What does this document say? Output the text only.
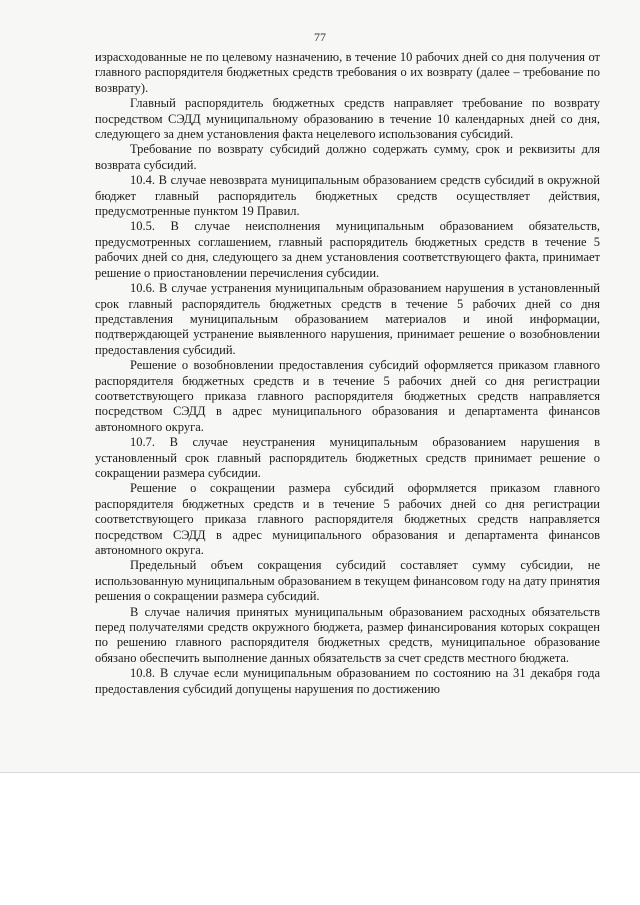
77

израсходованные не по целевому назначению, в течение 10 рабочих дней со дня получения от главного распорядителя бюджетных средств требования о их возврату (далее – требование по возврату).

Главный распорядитель бюджетных средств направляет требование по возврату посредством СЭДД муниципальному образованию в течение 10 календарных дней со дня, следующего за днем установления факта нецелевого использования субсидий.

Требование по возврату субсидий должно содержать сумму, срок и реквизиты для возврата субсидий.

10.4. В случае невозврата муниципальным образованием средств субсидий в окружной бюджет главный распорядитель бюджетных средств осуществляет действия, предусмотренные пунктом 19 Правил.

10.5. В случае неисполнения муниципальным образованием обязательств, предусмотренных соглашением, главный распорядитель бюджетных средств в течение 5 рабочих дней со дня, следующего за днем установления соответствующего факта, принимает решение о приостановлении перечисления субсидии.

10.6. В случае устранения муниципальным образованием нарушения в установленный срок главный распорядитель бюджетных средств в течение 5 рабочих дней со дня представления муниципальным образованием материалов и иной информации, подтверждающей устранение выявленного нарушения, принимает решение о возобновлении предоставления субсидий.

Решение о возобновлении предоставления субсидий оформляется приказом главного распорядителя бюджетных средств и в течение 5 рабочих дней со дня регистрации соответствующего приказа главного распорядителя бюджетных средств направляется посредством СЭДД в адрес муниципального образования и департамента финансов автономного округа.

10.7. В случае неустранения муниципальным образованием нарушения в установленный срок главный распорядитель бюджетных средств принимает решение о сокращении размера субсидии.

Решение о сокращении размера субсидий оформляется приказом главного распорядителя бюджетных средств и в течение 5 рабочих дней со дня регистрации соответствующего приказа главного распорядителя бюджетных средств направляется посредством СЭДД в адрес муниципального образования и департамента финансов автономного округа.

Предельный объем сокращения субсидий составляет сумму субсидии, не использованную муниципальным образованием в текущем финансовом году на дату принятия решения о сокращении размера субсидий.

В случае наличия принятых муниципальным образованием расходных обязательств перед получателями средств окружного бюджета, размер финансирования которых сокращен по решению главного распорядителя бюджетных средств, муниципальное образование обязано обеспечить выполнение данных обязательств за счет средств местного бюджета.

10.8. В случае если муниципальным образованием по состоянию на 31 декабря года предоставления субсидий допущены нарушения по достижению
